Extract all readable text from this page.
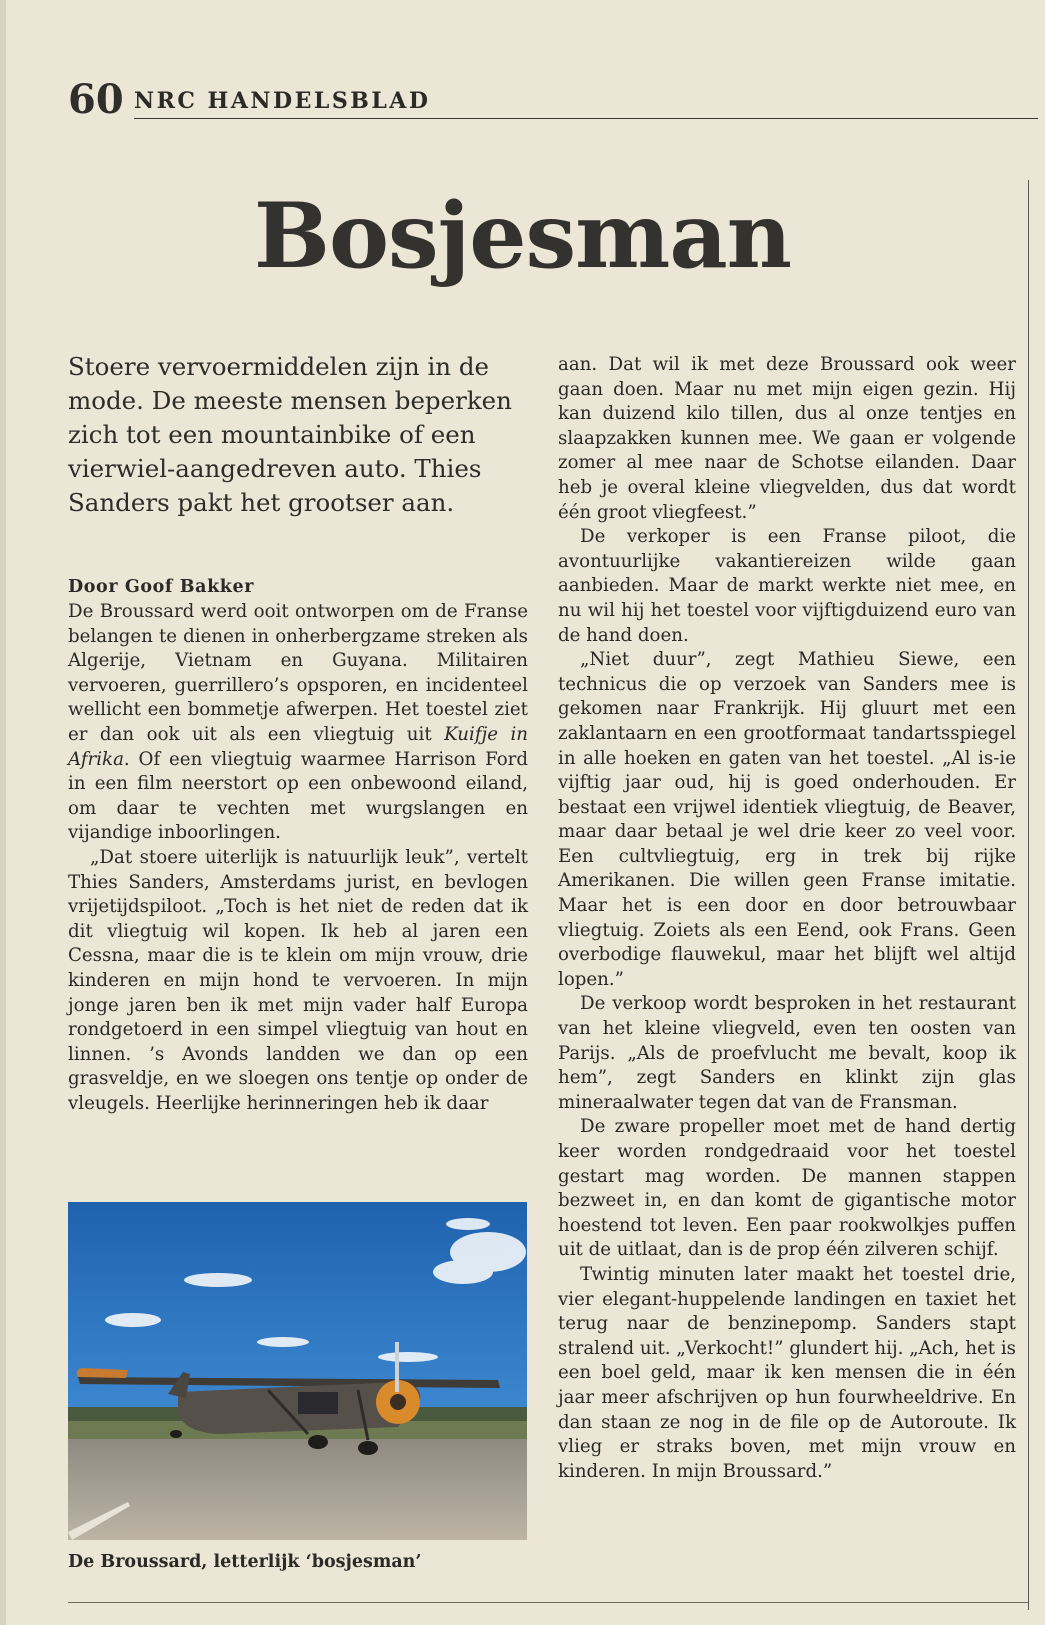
60 NRC HANDELSBLAD
Bosjesman
Stoere vervoermiddelen zijn in de mode. De meeste mensen beperken zich tot een mountainbike of een vierwiel-aangedreven auto. Thies Sanders pakt het grootser aan.
Door Goof Bakker

De Broussard werd ooit ontworpen om de Franse belangen te dienen in onherbergzame streken als Algerije, Vietnam en Guyana. Militairen vervoeren, guerrillero’s opsporen, en incidenteel wellicht een bommetje afwerpen. Het toestel ziet er dan ook uit als een vliegtuig uit Kuifje in Afrika. Of een vliegtuig waarmee Harrison Ford in een film neerstort op een onbewoond eiland, om daar te vechten met wurgslangen en vijandige inboorlingen.

„Dat stoere uiterlijk is natuurlijk leuk”, vertelt Thies Sanders, Amsterdams jurist, en bevlogen vrijetijdspiloot. „Toch is het niet de reden dat ik dit vliegtuig wil kopen. Ik heb al jaren een Cessna, maar die is te klein om mijn vrouw, drie kinderen en mijn hond te vervoeren. In mijn jonge jaren ben ik met mijn vader half Europa rondgetoerd in een simpel vliegtuig van hout en linnen. ’s Avonds landden we dan op een grasveldje, en we sloegen ons tentje op onder de vleugels. Heerlijke herinneringen heb ik daar

De Broussard, letterlijk ‘bosjesman’

aan. Dat wil ik met deze Broussard ook weer gaan doen. Maar nu met mijn eigen gezin. Hij kan duizend kilo tillen, dus al onze tentjes en slaapzakken kunnen mee. We gaan er volgende zomer al mee naar de Schotse eilanden. Daar heb je overal kleine vliegvelden, dus dat wordt één groot vliegfeest.”

De verkoper is een Franse piloot, die avontuurlijke vakantiereizen wilde gaan aanbieden. Maar de markt werkte niet mee, en nu wil hij het toestel voor vijftigduizend euro van de hand doen.

„Niet duur”, zegt Mathieu Siewe, een technicus die op verzoek van Sanders mee is gekomen naar Frankrijk. Hij gluurt met een zaklantaarn en een grootformaat tandartsspiegel in alle hoeken en gaten van het toestel. „Al is-ie vijftig jaar oud, hij is goed onderhouden. Er bestaat een vrijwel identiek vliegtuig, de Beaver, maar daar betaal je wel drie keer zo veel voor. Een cultvliegtuig, erg in trek bij rijke Amerikanen. Die willen geen Franse imitatie. Maar het is een door en door betrouwbaar vliegtuig. Zoiets als een Eend, ook Frans. Geen overbodige flauwekul, maar het blijft wel altijd lopen.”

De verkoop wordt besproken in het restaurant van het kleine vliegveld, even ten oosten van Parijs. „Als de proefvlucht me bevalt, koop ik hem”, zegt Sanders en klinkt zijn glas mineraalwater tegen dat van de Fransman.

De zware propeller moet met de hand dertig keer worden rondgedraaid voor het toestel gestart mag worden. De mannen stappen bezweet in, en dan komt de gigantische motor hoestend tot leven. Een paar rookwolkjes puffen uit de uitlaat, dan is de prop één zilveren schijf.

Twintig minuten later maakt het toestel drie, vier elegant-huppelende landingen en taxiet het terug naar de benzinepomp. Sanders stapt stralend uit. „Verkocht!” glundert hij. „Ach, het is een boel geld, maar ik ken mensen die in één jaar meer afschrijven op hun fourwheeldrive. En dan staan ze nog in de file op de Autoroute. Ik vlieg er straks boven, met mijn vrouw en kinderen. In mijn Broussard.”
